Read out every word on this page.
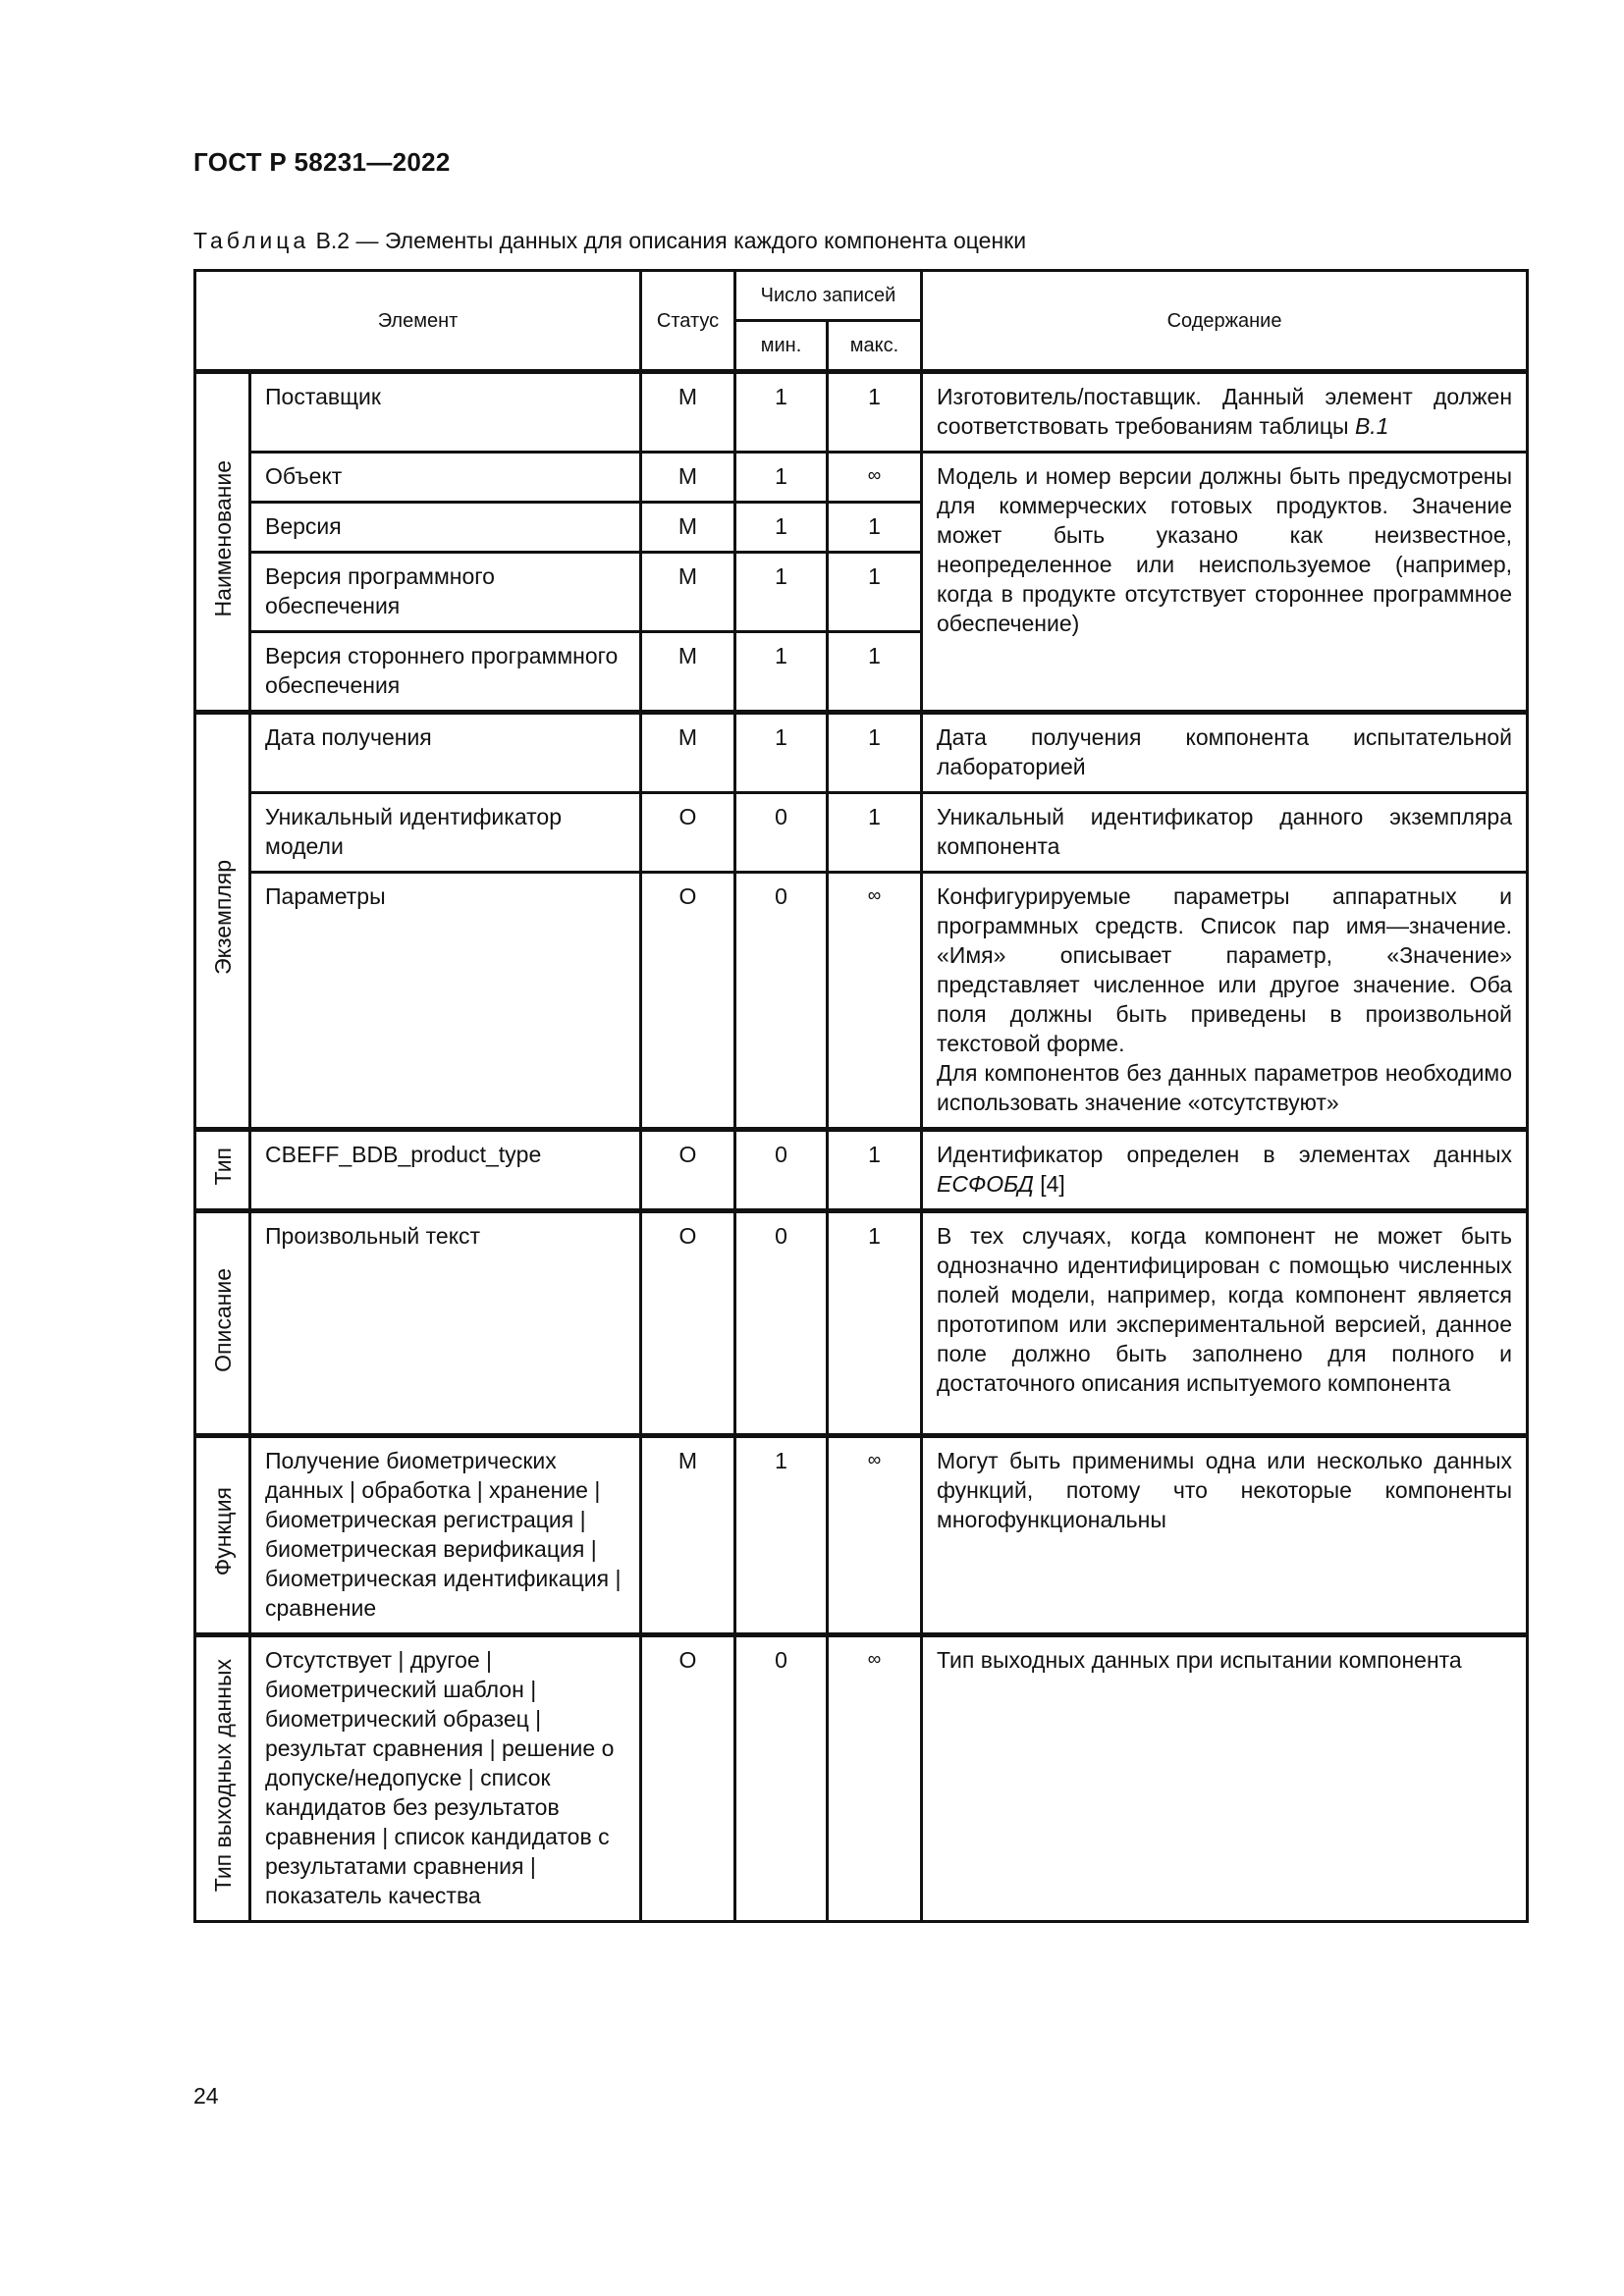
ГОСТ Р 58231—2022
Таблица В.2 — Элементы данных для описания каждого компонента оценки
Элемент		Статус	Число записей		Содержание
			мин.	макс.	
Наименование	Поставщик	M	1	1	Изготовитель/поставщик. Данный элемент должен соответствовать требованиям таблицы В.1
	Объект	M	1	∞	Модель и номер версии должны быть предусмотрены для коммерческих готовых продуктов. Значение может быть указано как неизвестное, неопределенное или неиспользуемое (например, когда в продукте отсутствует стороннее программное обеспечение)
	Версия	M	1	1	
	Версия программного обеспечения	M	1	1	
	Версия стороннего программного обеспечения	M	1	1	
Экземпляр	Дата получения	M	1	1	Дата получения компонента испытательной лабораторией
	Уникальный идентификатор модели	O	0	1	Уникальный идентификатор данного экземпляра компонента
	Параметры	O	0	∞	Конфигурируемые параметры аппаратных и программных средств. Список пар имя—значение. «Имя» описывает параметр, «Значение» представляет численное или другое значение. Оба поля должны быть приведены в произвольной текстовой форме.
Для компонентов без данных параметров необходимо использовать значение «отсутствуют»

Тип	CBEFF_BDB_product_type	O	0	1	Идентификатор определен в элементах данных ЕСФОБД [4]
Описание	Произвольный текст	O	0	1	В тех случаях, когда компонент не может быть однозначно идентифицирован с помощью численных полей модели, например, когда компонент является прототипом или экспериментальной версией, данное поле должно быть заполнено для полного и достаточного описания испытуемого компонента
Функция	Получение биометрических данных | обработка | хранение | биометрическая регистрация | биометрическая верификация | биометрическая идентификация | сравнение	M	1	∞	Могут быть применимы одна или несколько данных функций, потому что некоторые компоненты многофункциональны
Тип выходных данных	Отсутствует | другое | биометрический шаблон | биометрический образец | результат сравнения | решение о допуске/недопуске | список кандидатов без результатов сравнения | список кандидатов с результатами сравнения | показатель качества	O	0	∞	Тип выходных данных при испытании компонента
24
